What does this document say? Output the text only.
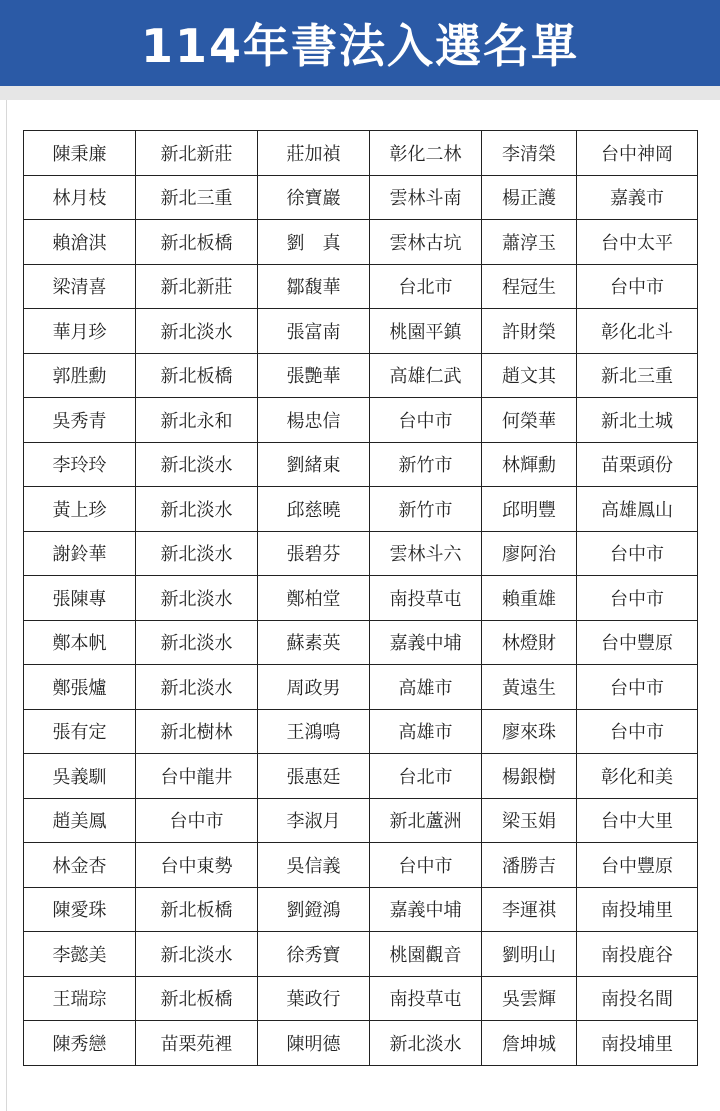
114年書法入選名單
陳秉廉	新北新莊	莊加禎	彰化二林	李清榮	台中神岡
林月枝	新北三重	徐寶巖	雲林斗南	楊正護	嘉義市
賴滄淇	新北板橋	劉　真	雲林古坑	蕭淳玉	台中太平
梁清喜	新北新莊	鄒馥華	台北市	程冠生	台中市
華月珍	新北淡水	張富南	桃園平鎮	許財榮	彰化北斗
郭胜勳	新北板橋	張艷華	高雄仁武	趙文其	新北三重
吳秀青	新北永和	楊忠信	台中市	何榮華	新北土城
李玲玲	新北淡水	劉緒東	新竹市	林輝勳	苗栗頭份
黃上珍	新北淡水	邱慈曉	新竹市	邱明豐	高雄鳳山
謝鈴華	新北淡水	張碧芬	雲林斗六	廖阿治	台中市
張陳專	新北淡水	鄭柏堂	南投草屯	賴重雄	台中市
鄭本帆	新北淡水	蘇素英	嘉義中埔	林燈財	台中豐原
鄭張爐	新北淡水	周政男	高雄市	黃遠生	台中市
張有定	新北樹林	王鴻鳴	高雄市	廖來珠	台中市
吳義馴	台中龍井	張惠廷	台北市	楊銀樹	彰化和美
趙美鳳	台中市	李淑月	新北蘆洲	梁玉娟	台中大里
林金杏	台中東勢	吳信義	台中市	潘勝吉	台中豐原
陳愛珠	新北板橋	劉鐙鴻	嘉義中埔	李運祺	南投埔里
李懿美	新北淡水	徐秀寶	桃園觀音	劉明山	南投鹿谷
王瑞琮	新北板橋	葉政行	南投草屯	吳雲輝	南投名間
陳秀戀	苗栗苑裡	陳明德	新北淡水	詹坤城	南投埔里
